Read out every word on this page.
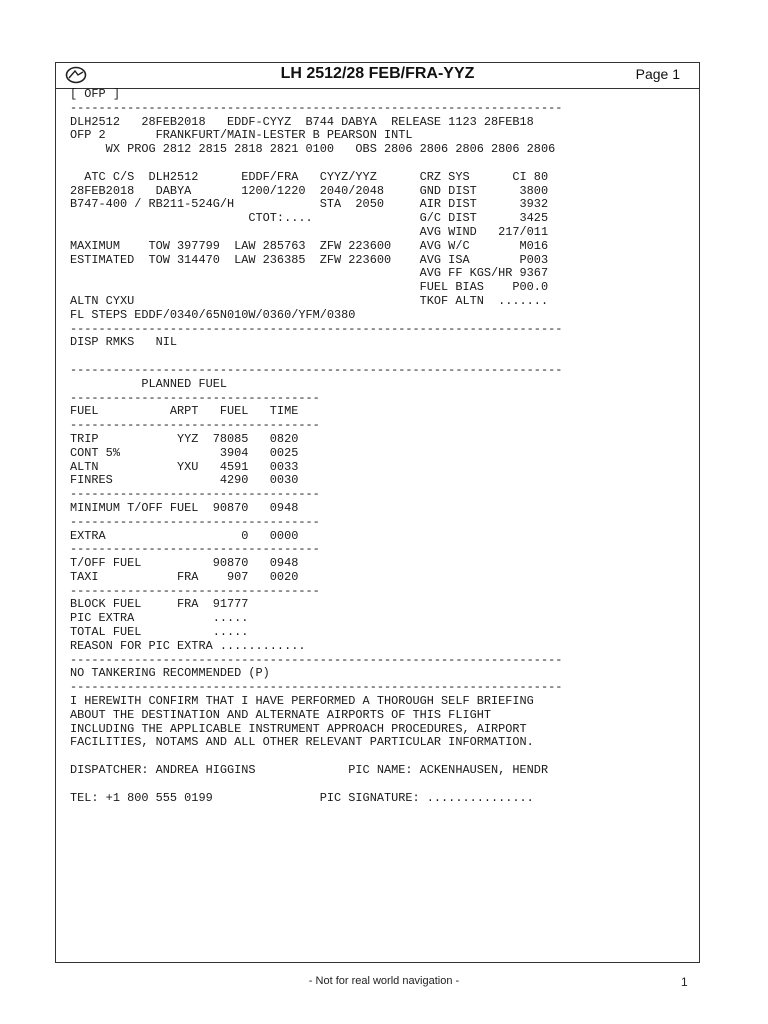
LH 2512/28 FEB/FRA-YYZ	Page 1
[ OFP ]
---------------------------------------------------------------------
DLH2512   28FEB2018   EDDF-CYYZ  B744 DABYA  RELEASE 1123 28FEB18
OFP 2       FRANKFURT/MAIN-LESTER B PEARSON INTL
WX PROG 2812 2815 2818 2821 0100   OBS 2806 2806 2806 2806 2806
ATC C/S  DLH2512      EDDF/FRA   CYYZ/YYZ      CRZ SYS      CI 80
28FEB2018   DABYA       1200/1220  2040/2048     GND DIST      3800
B747-400 / RB211-524G/H            STA  2050     AIR DIST      3932
CTOT:....               G/C DIST      3425
AVG WIND   217/011
MAXIMUM    TOW 397799  LAW 285763  ZFW 223600    AVG W/C       M016
ESTIMATED  TOW 314470  LAW 236385  ZFW 223600    AVG ISA       P003
AVG FF KGS/HR 9367
FUEL BIAS    P00.0
ALTN CYXU                                        TKOF ALTN  .......
FL STEPS EDDF/0340/65N010W/0360/YFM/0380
---------------------------------------------------------------------
DISP RMKS   NIL
---------------------------------------------------------------------
PLANNED FUEL
-----------------------------------
FUEL          ARPT   FUEL   TIME
-----------------------------------
TRIP           YYZ  78085   0820
CONT 5%              3904   0025
ALTN           YXU   4591   0033
FINRES               4290   0030
-----------------------------------
MINIMUM T/OFF FUEL  90870   0948
-----------------------------------
EXTRA                   0   0000
-----------------------------------
T/OFF FUEL          90870   0948
TAXI           FRA    907   0020
-----------------------------------
BLOCK FUEL     FRA  91777
PIC EXTRA           .....
TOTAL FUEL          .....
REASON FOR PIC EXTRA ............
---------------------------------------------------------------------
NO TANKERING RECOMMENDED (P)
---------------------------------------------------------------------
I HEREWITH CONFIRM THAT I HAVE PERFORMED A THOROUGH SELF BRIEFING
ABOUT THE DESTINATION AND ALTERNATE AIRPORTS OF THIS FLIGHT
INCLUDING THE APPLICABLE INSTRUMENT APPROACH PROCEDURES, AIRPORT
FACILITIES, NOTAMS AND ALL OTHER RELEVANT PARTICULAR INFORMATION.
DISPATCHER: ANDREA HIGGINS             PIC NAME: ACKENHAUSEN, HENDR
TEL: +1 800 555 0199               PIC SIGNATURE: ...............
- Not for real world navigation -	1
